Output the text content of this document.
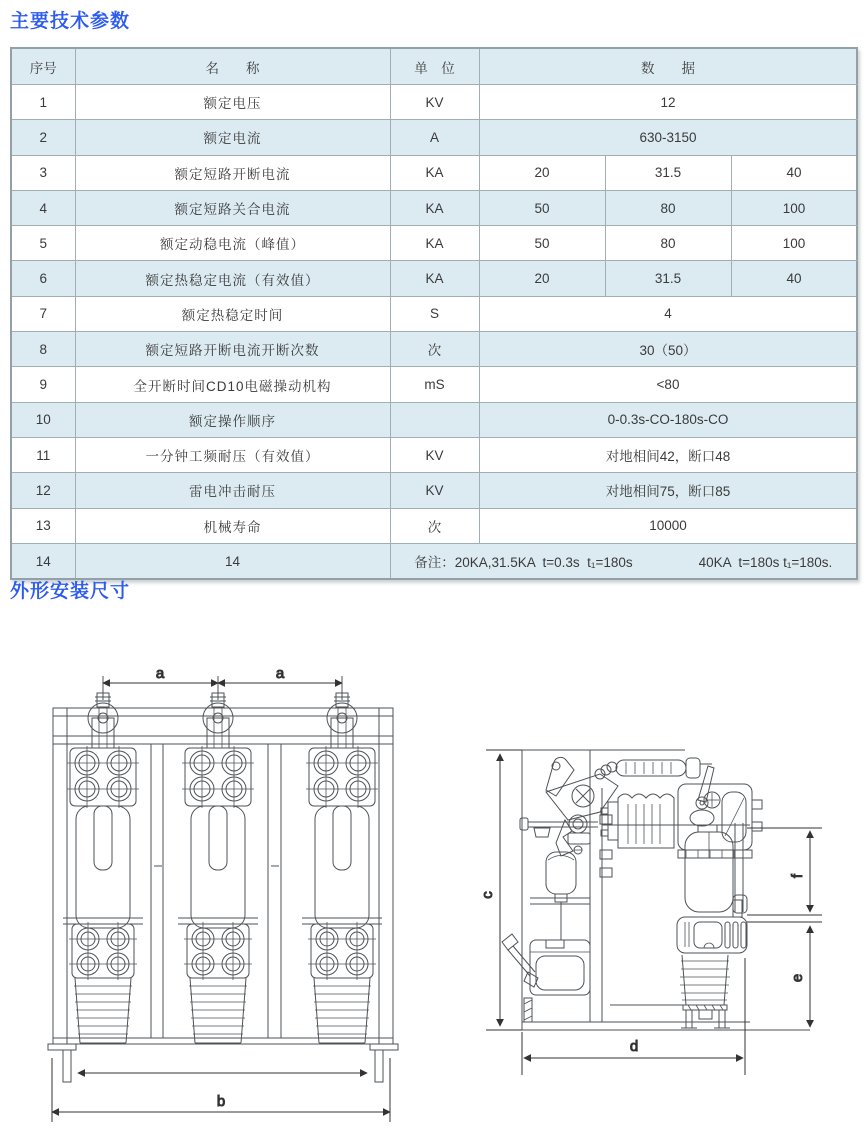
主要技术参数
序号	名　　称	单　位	数　　据		
1	额定电压	KV	12		
2	额定电流	A	630-3150		
3	额定短路开断电流	KA	20	31.5	40
4	额定短路关合电流	KA	50	80	100
5	额定动稳电流（峰值）	KA	50	80	100
6	额定热稳定电流（有效值）	KA	20	31.5	40
7	额定热稳定时间	S	4		
8	额定短路开断电流开断次数	次	30（50）		
9	全开断时间CD10电磁操动机构	mS	<80		
10	额定操作顺序		0-0.3s-CO-180s-CO		
11	一分钟工频耐压（有效值）	KV	对地相间42，断口48		
12	雷电冲击耐压	KV	对地相间75，断口85		
13	机械寿命	次	10000		
14	14	备注：20KA,31.5KA  t=0.3s  t₁=180s 40KA  t=180s t₁=180s.			
外形安装尺寸
a	a
b
c
f
e
d
